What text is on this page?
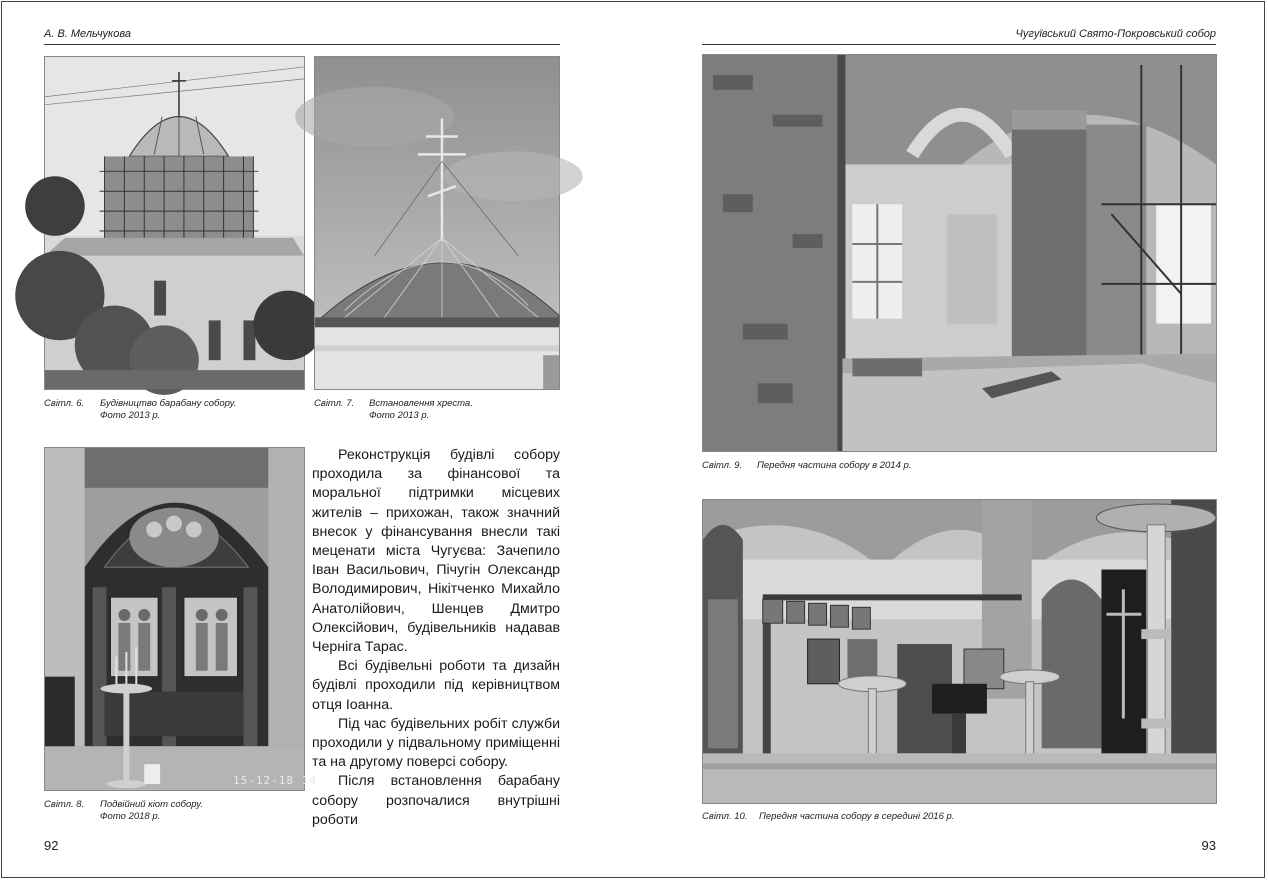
А. В. Мельчукова
Світл. 6. Будівництво барабану собору.
Фото 2013 р.
Світл. 7. Встановлення хреста.
Фото 2013 р.
15-12-18 14
Світл. 8. Подвійний кіот собору.
Фото 2018 р.

Реконструкція будівлі собору проходила за фінансової та моральної підтримки місцевих жителів – прихожан, також значний внесок у фінансування внесли такі меценати міста Чугуєва: Зачепило Іван Васильович, Пічугін Олександр Володимирович, Нікітченко Михайло Анатолійович, Шенцев Дмитро Олексійович, будівельників надавав Черніга Тарас.

Всі будівельні роботи та дизайн будівлі проходили під керівництвом отця Іоанна.

Під час будівельних робіт служби проходили у підвальному приміщенні та на другому поверсі собору.

Після встановлення барабану собору розпочалися внутрішні роботи

92
Чугуївський Свято-Покровський собор
Світл. 9. Передня частина собору в 2014 р.
Світл. 10. Передня частина собору в середині 2016 р.
93
